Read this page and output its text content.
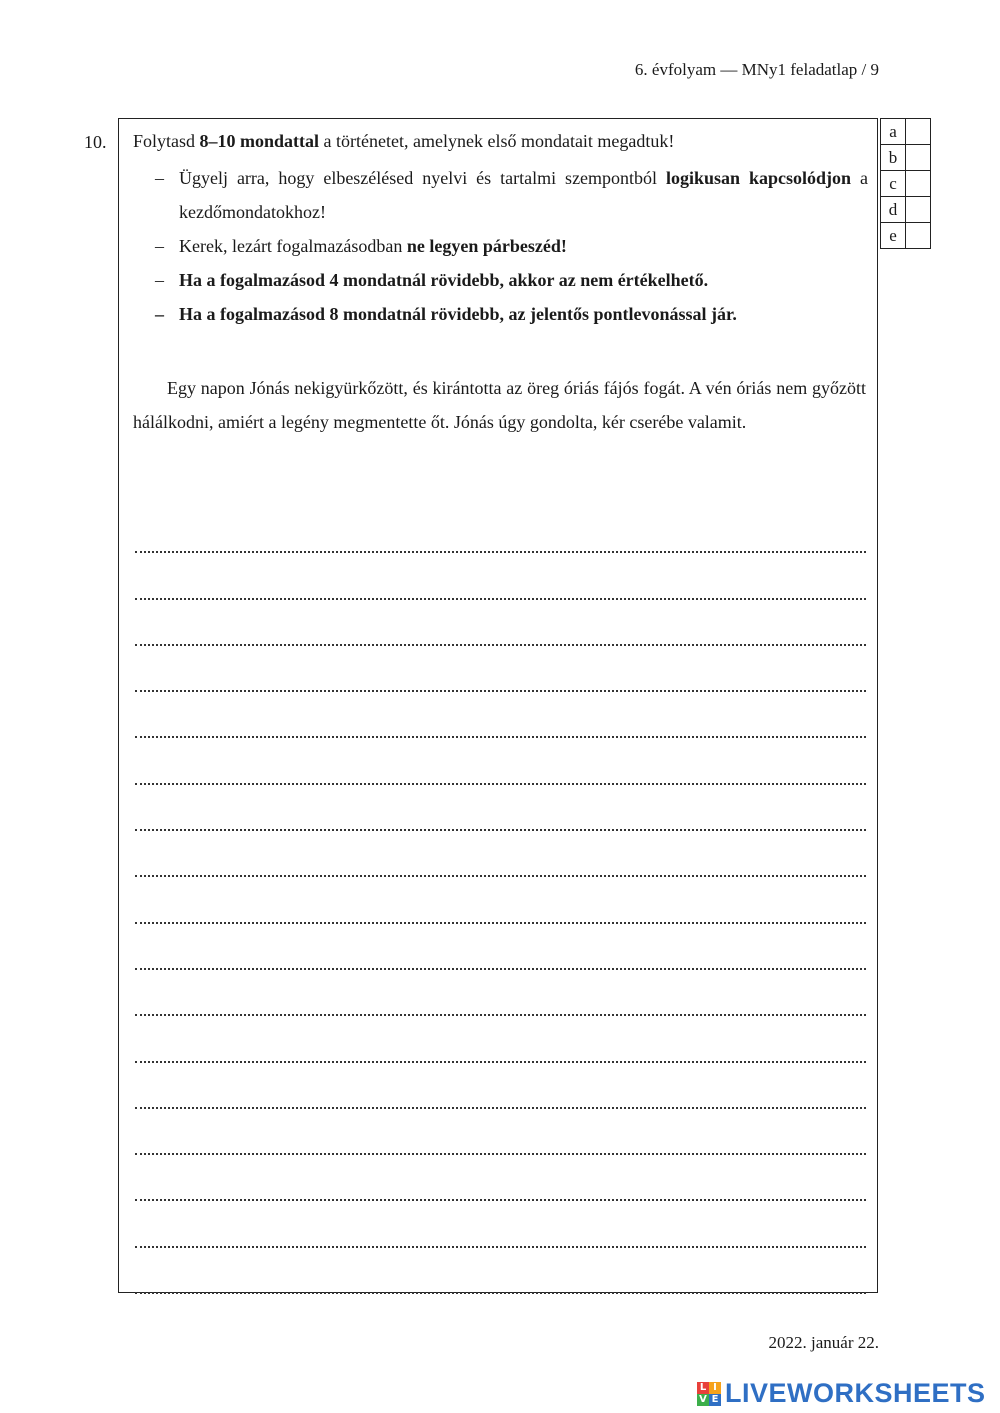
6. évfolyam — MNy1 feladatlap / 9
10. Folytasd 8–10 mondattal a történetet, amelynek első mondatait megadtuk!
– Ügyelj arra, hogy elbeszélésed nyelvi és tartalmi szempontból logikusan kapcsolódjon a kezdőmondatokhoz!
– Kerek, lezárt fogalmazásodban ne legyen párbeszéd!
– Ha a fogalmazásod 4 mondatnál rövidebb, akkor az nem értékelhető.
– Ha a fogalmazásod 8 mondatnál rövidebb, az jelentős pontlevonással jár.

Egy napon Jónás nekigyürkőzött, és kirántotta az öreg óriás fájós fogát. A vén óriás nem győzött hálálkodni, amiért a legény megmentette őt. Jónás úgy gondolta, kér cserébe valamit.

a	
b	
c	
d	
e	
2022. január 22.
L I
V E LIVEWORKSHEETS
